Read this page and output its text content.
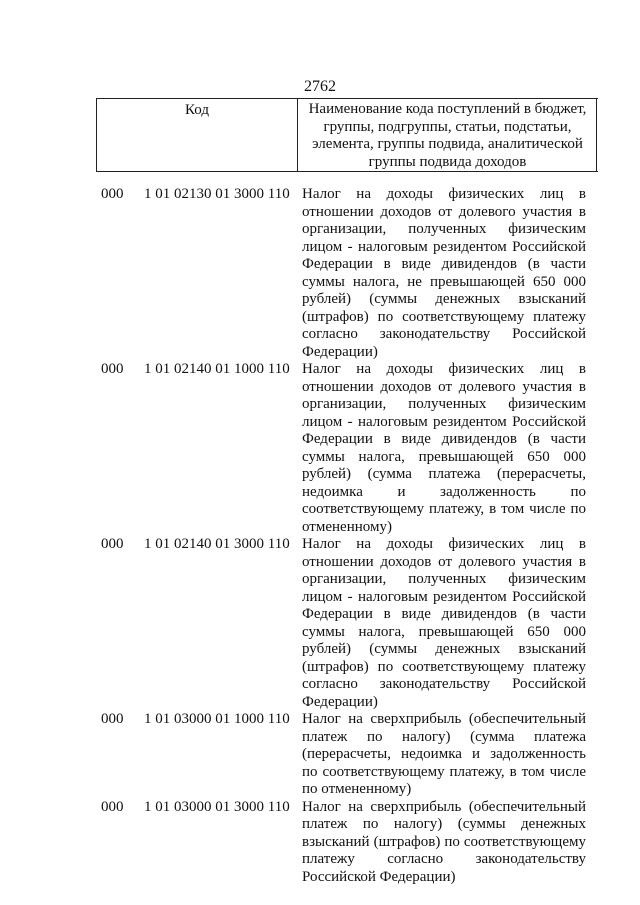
2762
Код	Наименование кода поступлений в бюджет, группы, подгруппы, статьи, подстатьи, элемента, группы подвида, аналитической группы подвида доходов
000 1 01 02130 01 3000 110 Налог на доходы физических лиц в отношении доходов от долевого участия в организации, полученных физическим лицом - налоговым резидентом Российской Федерации в виде дивидендов (в части суммы налога, не превышающей 650 000 рублей) (суммы денежных взысканий (штрафов) по соответствующему платежу согласно законодательству Российской Федерации)
000 1 01 02140 01 1000 110 Налог на доходы физических лиц в отношении доходов от долевого участия в организации, полученных физическим лицом - налоговым резидентом Российской Федерации в виде дивидендов (в части суммы налога, превышающей 650 000 рублей) (сумма платежа (перерасчеты, недоимка и задолженность по соответствующему платежу, в том числе по отмененному)
000 1 01 02140 01 3000 110 Налог на доходы физических лиц в отношении доходов от долевого участия в организации, полученных физическим лицом - налоговым резидентом Российской Федерации в виде дивидендов (в части суммы налога, превышающей 650 000 рублей) (суммы денежных взысканий (штрафов) по соответствующему платежу согласно законодательству Российской Федерации)
000 1 01 03000 01 1000 110 Налог на сверхприбыль (обеспечительный платеж по налогу) (сумма платежа (перерасчеты, недоимка и задолженность по соответствующему платежу, в том числе по отмененному)
000 1 01 03000 01 3000 110 Налог на сверхприбыль (обеспечительный платеж по налогу) (суммы денежных взысканий (штрафов) по соответствующему платежу согласно законодательству Российской Федерации)
